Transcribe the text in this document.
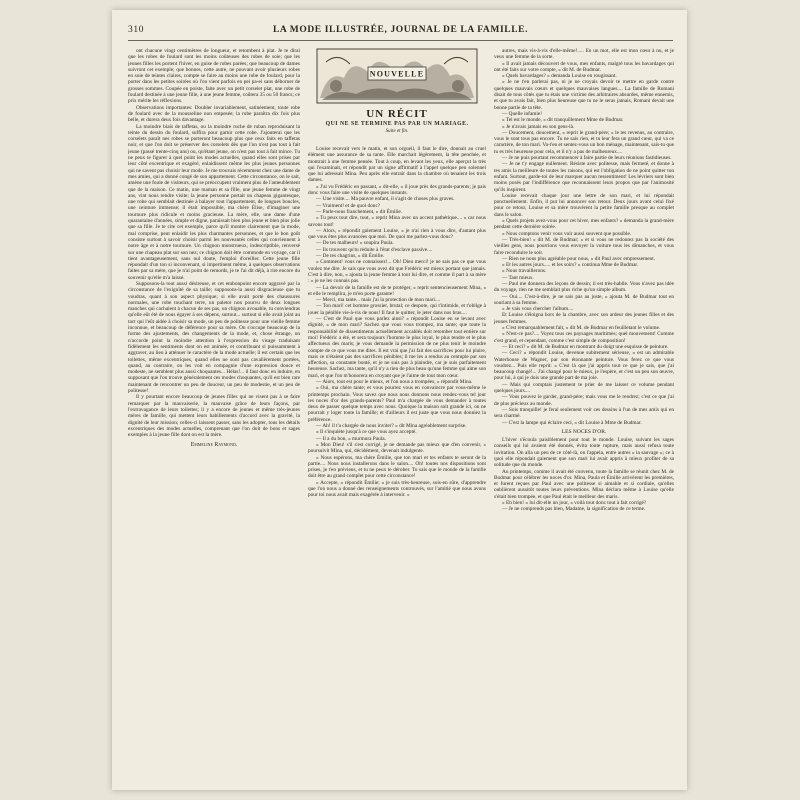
310	LA MODE ILLUSTRÉE, JOURNAL DE LA FAMILLE.

ont chacune vingt centimètres de longueur, et retombent à plat. Je te dirai que les robes de foulard sont les moins coûteuses des robes de soie; que les jeunes filles les portent l'hiver, en guise de robes parées; que beaucoup de dames suivront cet exemple; que bonnes, cette autre, ne pouvant avoir plusieurs robes en soie de teintes claires, compte se faire au moins une robe de foulard, pour la porter dans les petites soirées où l'on vient parfois en pei pa-ei sans déborner de grosses sommes. Coupée en poiste, faite avec un petit corselet plat, une robe de foulard destinée à une jeune fille, à une jeune femme, coûtera 35 ou 50 francs; ce prix mérite les réflexions.

Observations importantes: Doubler invariablement, satinéement, toute robe de foulard avec de la mousseline non empesée; la robe paraîtra dix fois plus belle, et durera deux fois davantage.

La moindre biais de taffetas, ou la moindre ruche de ruban reproduisant la teinte du dessin du foulard, suffira pour garnir cette robe. J'ajouterai que les corselets paraît nes robes se porteront beaucoup plus que ceux faits en taffetas noir, et que l'on doit se préserver des corselets dès que l'on n'est pas tout à fait jeune (passé trente-cinq ans) ou, qu'étant jeune, on n'est pas tout à fait mince. Tu ne peux te figurer à quel point les modes actuelles, quand elles sont prises par leur côté excentrique et exagéré, enlaidissent même les plus jeunes personnes qui ne savent pas choisir leur mode. Je me trouvais récemment chez une dame de mes amies, qui a donné congé de son appartement. Cette circonstance, on le sait, amène une foule de visiteurs, qui se préoccupent vraiment plus de l'ameublement que de la maison. Ce matin, une maman et sa fille, une jeune femme de vingt ans, vint nous rendre visite; la jeune personne portait un chapeau gigantesque, une robe qui semblait destinée à balayer tout l'appartement, de longues boucles, une ceinture immense; il était impossible, ma chère Élise, d'imaginer une tournure plus ridicule et moins gracieuse. La mère, elle, une dame d'une quarantaine d'années, simple et digne, paraissait bien plus jeune et bien plus jolie que sa fille. Je te cite cet exemple, parce qu'il montre clairement que la mode, mal comprise, peut enlaidir les plus charmantes personnes, et que le bon goût consiste surtout à savoir choisir parmi les nouveautés celles qui conviennent à notre âge et à notre tournure. Un chignon monstrueux, indescriptible, renversé sur une chapeau plat sur son nez; ce chignon doit être commode en voyage, car il tient avantageusement, sans nul doute, l'emploi d'oreiller. Cette jeune fille répondait d'un ton si inconvenant, si impertinent même, à quelques observations faites par sa mère, que je n'ai point de remords, je te l'ai dit déjà, à rire encore du souvenir qu'elle m'a laissé.

Supposons-la tout aussi désireuse, et cet embonpoint encore aggravé par la circonstance de l'exiguïté de sa taille; supposons-la aussi disgracieuse que tu voudras, quant à son aspect physique; si elle avait porté des chaussures normales, une robe touchant terre, un paletot non pourvu de deux longues manches qui cachaient à chacun de ses pas, un chignon avouable, tu conviendras qu'elle eût été de nous égayer à ses dépens, surtout... surtout si elle avait joint au tact qui l'eût aidée à choisir sa mode, un peu de politesse pour une vieille femme inconnue, et beaucoup de déférence pour sa mère. On s'occupe beaucoup de la forme des ajustements, des changements de la mode, et, chose étrange, on n'accorde point la moindre attention à l'expression du visage traduisant fidèlement les sentiments dont on est animée, et contribuant si puissamment à aggraver, au lieu à atténuer le caractère de la mode actuelle; il est certain que les toilettes, même excentriques, quand elles ne sont pas cavalièrement portées, quand, au contraire, on les voit en compagnie d'une expression douce et modeste, ne semblent plus aussi choquantes... Hélas!... il faut donc en induire, en supposant que l'on trouve généralement ces modes choquantes, qu'il est bien rare maintenant de rencontrer un peu de douceur, un peu de modestie, et un peu de politesse!

Il y pourtant encore beaucoup de jeunes filles qui ne visent pas à se faire remarquer par la mauvaiserie, la mauvaise grâce de leurs façons, par l'extravagance de leurs toilettes; il y a encore de jeunes et même très-jeunes mères de famille, qui mettent leurs habillements d'accord avec la gravité, la dignité de leur mission; celles-ci laissent passer, sans les adopter, tous les détails excentriques des modes actuelles, comprenant que l'on doit de bons et sages exemples à la jeune fille dont on est la mère.

Emmeline Raymond.

NOUVELLE
UN RÉCIT
QUI NE SE TERMINE PAS PAR UN MARIAGE.
Suite et fin.

Louise recevait vers le matin, et son orgueil, il faut le dire, donnait au cruel élément une assurance de sa tante. Elle marchait légèrement, la tête penchée, et montrait à une femme pensée. Tout à coup, en levant les yeux, elle aperçut la très qui l'examinait, et répondit par un signe affirmatif à l'appel quelque peu solennel que lui adressait Mina. Peu après elle entrait dans la chambre où tenaient les trois dames.

« J'ai vu Frédéric en passant, » dit-elle, « il joue près des grands-parents; je pais donc vous faire une visite de quelques instants.

— Une visite.... Ma pauvre enfant, il s'agit de choses plus graves.

— Vraiment! et de quoi donc?

— Parle-nous franchement, » dit Émilie.

« Tu peux tout dire, tout, » reprit Mina avec un accent pathétique.... « car nous savons tout!

— Alors, » répondit gaiement Louise, « je n'ai rien à vous dire, d'autant plus que vous êtes plus avancées que moi. De quoi me parlez-vous donc?

— De tes malheurs! » soupira Paula.

— Ils trouvent qu'tu réduite à l'état d'esclave passive....

— De tes chagrins, » dit Émilie.

« Comment! vous ne connaissez!... Oh! Dieu merci! je ne sais pas ce que vous voulez me dire. Je sais que vous avez dit que Frédéric est mieux portant que jamais. C'est à dire, non, » ajouta la jeune femme à tout lui dire, et comme il part à sa mère : « je ne les connais pas.

— La devoir de la famille est de te protéger, » reprit sentencieusement Mina, « et elle le remplira, je m'en porte garante!

— Merci, ma tante... mais j'ai la protection de mon mari....

— Ton mari! cet homme grossier, brutal; ce despote, qui t'intimide, et t'oblige à jouer la pénible vie-à-vis de nous! Il faut le quitter, le jeter dans nos bras....

— C'est de Paul que vous parlez ainsi? » répondit Louise en se levant avec dignité, « de mon mari? Sachez que vous vous trompez, ma tante; que toute la responsabilité de dissentiments actuellement accablés doit retomber tout entière sur moi! Frédéric a été, et sera toujours l'homme le plus loyal, le plus tendre et le plus affectueux des maris; je vous demande la permission de ne plus tenir le moindre compte de ce que vous me dites. Il est vrai que j'ai fait des sacrifices pour lui plaire, mais ce n'étaient pas des sacrifices pénibles; il me les a rendus au centuple par son affection, sa constante bonté, et je ne suis pas à plaindre, car je suis parfaitement heureuse. Sachez, ma tante, qu'il n'y a rien de plus beau qu'une femme qui aime son mari, et que l'on m'honorera en croyant que je l'aime de tout mon cœur.

— Alors, tout est pour le mieux, et l'on nous a trompées, » répondit Mina.

« Oui, ma chère tante; et vous pourrez vous en convaincre par vous-même le printemps prochain. Vous savez que nous nous donnons nous rendez-vous tel jour les noces d'or des grands-parents? Paul m'a chargée de vous demander à toutes deux de passer quelque temps avec nous. Quoique la maison soit grande ici, on ne pourrait y loger toute la famille; et d'ailleurs il est juste que vous nous donniez la préférence.

— Ah! il t'a chargée de nous inviter? » dit Mina agréablement surprise.

« Il s'inquiète jusqu'à ce que vous ayez accepté.

— Il a du bon, » murmura Paula.

« Mon Dieu! s'il s'est corrigé, je ne demande pas mieux que d'en convenir, » poursuivit Mina, qui, décidément, devenait indulgente.

« Nous espérons, ma chère Émilie, que ton mari et tes enfants te seront de la partie.... Nous nous installerons dans le salon.... Oh! toutes nos dispositions sont prises, je t'en préviens, et tu ne peux te dérober. Tu sais que le monde de la famille doit être au grand complet pour cette circonstance!

« Accepte, » répondit Émilie; « je suis très-heureuse, sois-en sûre, d'apprendre que l'on nous a donné des renseignements controuvés, sur l'amitié que nous avons pour toi nous avait mais exagérée à intervenir. »

autres, mais vis-à-vis d'elle-même!..... En un mot, elle est mon cœur à nu, et je veux une femme de la sorte.

« Il avait jamais découvert de vous, mes enfants, malgré tous les bavardages qui ont été faits sur votre compte, » dit M. de Budmar.

« Quels bavardages? » demanda Louise en rougissant.

« Je ne t'en parlerai pas, ni je ne croyais devoir te mettre en garde contre quelques mauvais cœurs et quelques mauvaises langues.... La famille de Romani disait de tous côtés que tu étais une victime des arbitraires absurdes, même ennemis, et que tu avais fait, bien plus heureuse que tu ne le seras jamais, Romani devait une bonne partie de ta tête.

— Quelle infamie!

« Tel est le monde, » dit tranquillement Mme de Budmar.

« Je n'avais jamais eu son gens-là.

— Doucement, doucement, » reprit le grand-père; « le tes revenus, au contraire, vous le sont tous pas encore. Tu ne sais rien, et tu leur fera un grand cœur, qui va ce caractère, de ton mari. Va-t'en et sentez-vous un bon ménage, maintenant, sais-tu que tu es très heureuse pour cela, et il n'y a pas de malheureux....

— Je ne puis pourtant recommencer à faire partie de leurs réunions fastidieuses.

— Je ne t'y engage nullement. Résiste avec politesse, mais fermeté, et donne à tes amis la meilleure de toutes les raisons, qui est l'obligation de ne point quitter ton enfant. Surtout, garde-toi de leur marquer aucun ressentiment! Les lévriers sont bien moins posés par l'indifférence que reconnaissent leurs propos que par l'animosité qu'ils inspirent.

Louise recevait chaque jour une lettre de son mari, et lui répondait ponctuellement. Enfin, il put lui annoncer son retour. Deux jours avant celui fixé pour ce retour, Louise et sa mère trouvèrent la petite famille presque au complet dans le salon.

« Quels projets avez-vous pour cet hiver, mes enfants? » demanda la grand-mère pendant cette dernière soirée.

« Nous comptons venir vous voir aussi souvent que possible.

— Très-bien! » dit M. de Budmar; « et si vous ne redoutez pas la société des vieilles gens, nous pourrions vous envoyer la voiture tous les dimanches, et vous faire reconduire le soir.

— Rien ne nous plus agréable pour nous, » dit Paul avec empressement.

« Et les autres jours..... et les soirs? » continua Mme de Budmar.

« Nous travaillerons.

— Tant mieux.

— Paul me donnera des leçons de dessin; il est très-habile. Vous n'avez pas idée du voyage, rien ne me semblait plus riche qu'un simple album.

— Oui.... C'est-à-dire, je ne sais pas au juste, » ajouta M. de Budmar tout en souriant à sa femme.

« Je vais vous chercher l'album....

Et Louise s'éloigna hors de la chambre, avec son ardeur des jeunes filles et des jeunes femmes.

« C'est remarquablement fait, » dit M. de Budmar en feuilletant le volume.

« N'est-ce pas?.... Voyez tous ces paysages maritimes; quel mouvement! Comme c'est grand, et cependant, comme c'est simple de composition!

— Et ceci? » dit M. de Budmar en montrant du doigt une esquisse de peinture.

— Ceci? » répondit Louise, devenue subitement sérieuse, « est un admirable Waterhouse de Wagner, par son étonnante peinture. Vous ferez ce que vous voudrez... Puis elle reprit: « C'est là que j'ai appris tout ce que je sais, que j'ai beaucoup changé!... J'ai changé pour le mieux, je l'espère, et c'est un peu son œuvre, pour lui, à qui je dois une grande part de ma joie.

— Mais qui comptais justement te prier de me laisser ce volume pendant quelques jours....

— Vous pouvez le garder, grand-père; mais vous me le rendrez; c'est ce que j'ai de plus précieux au monde.

— Sois tranquille! je ferai seulement voir ces dessins à l'un de mes amis qui en sera charmé.

— C'est la lampe qui éclaire ceci, » dit Louise à Mme de Budmar.

LES NOCES D'OR.

L'hiver s'écoula paisiblement pour tout le monde. Louise, suivant les sages conseils qui lui avaient été donnés, évita toute rupture, mais aussi refusa toute invitation. On alla un peu de ce côté-là, on l'appela, entre autres « la sauvage »; ce à quoi elle répondait gaiement que son mari lui avait appris à mieux profiter de sa solitude que du monde.

Au printemps, comme il avait été convenu, toute la famille se réunit chez M. de Budmar pour célébrer les noces d'or. Mina, Paula et Émilie arrivèrent les premières, et furent reçues par Paul avec une politesse si aimable et si cordiale, qu'elles oublièrent aussitôt toutes leurs préventions. Mina déclara même à Louise qu'elle s'était bien trompée, et que Paul était le meilleur des maris.

« Eh bien! » lui dit-elle un jour, « voilà tout donc tout à fait corrigé?

— Je ne comprends pas bien, Madame, la signification de ce terme.
